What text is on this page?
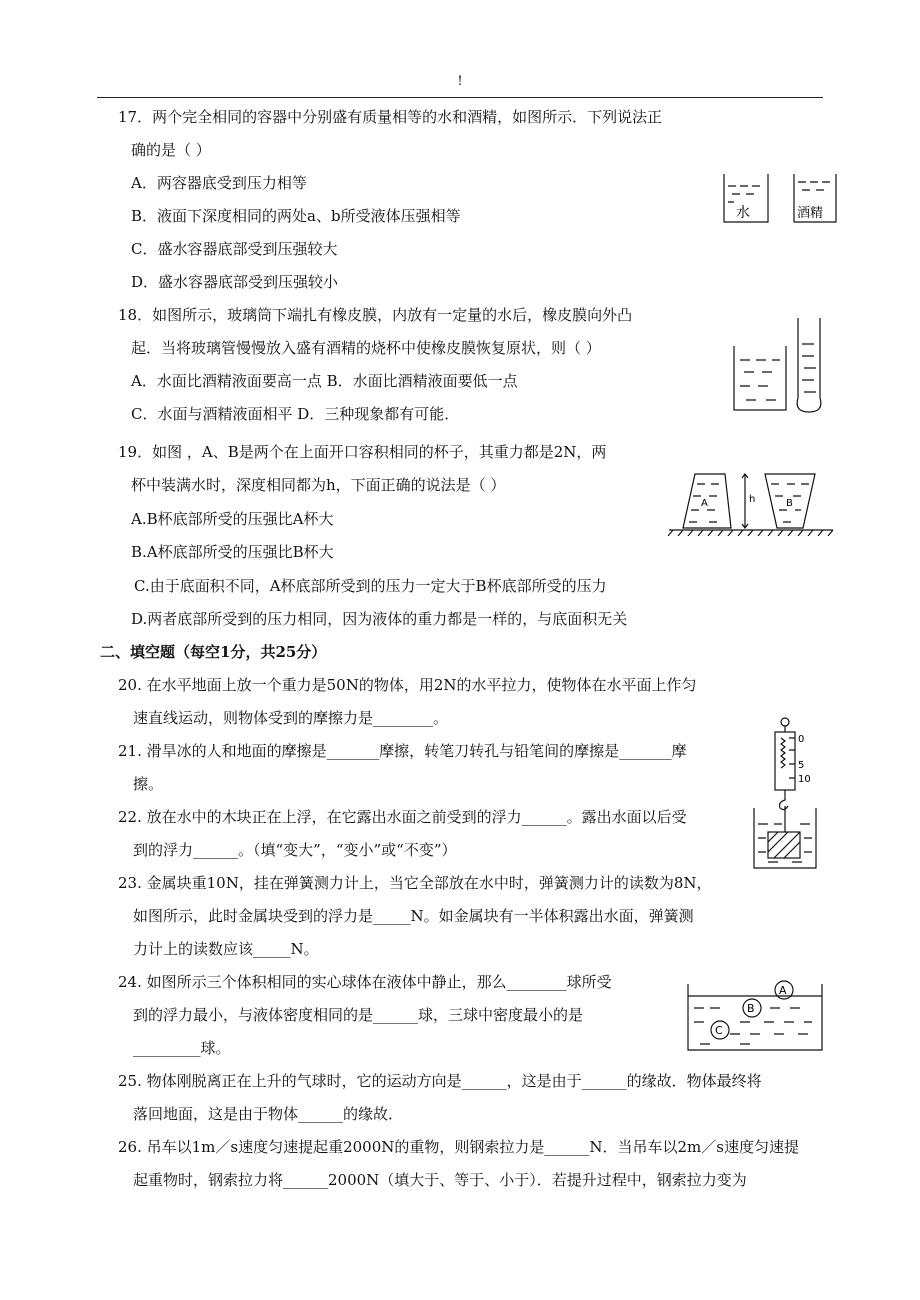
!
17．两个完全相同的容器中分别盛有质量相等的水和酒精，如图所示．下列说法正
确的是（ ）
A．两容器底受到压力相等
B．液面下深度相同的两处a、b所受液体压强相等
C．盛水容器底部受到压强较大
D．盛水容器底部受到压强较小
18．如图所示，玻璃筒下端扎有橡皮膜，内放有一定量的水后，橡皮膜向外凸
起．当将玻璃管慢慢放入盛有酒精的烧杯中使橡皮膜恢复原状，则（ ）
A．水面比酒精液面要高一点 B．水面比酒精液面要低一点
C．水面与酒精液面相平 D．三种现象都有可能．
19．如图 ，A、B是两个在上面开口容积相同的杯子，其重力都是2N，两
杯中装满水时，深度相同都为h，下面正确的说法是（ ）
A.B杯底部所受的压强比A杯大
B.A杯底部所受的压强比B杯大
C.由于底面积不同，A杯底部所受到的压力一定大于B杯底部所受的压力
D.两者底部所受到的压力相同，因为液体的重力都是一样的，与底面积无关
二、填空题（每空1分，共25分）
20. 在水平地面上放一个重力是50N的物体，用2N的水平拉力，使物体在水平面上作匀
速直线运动，则物体受到的摩擦力是________。
21. 滑旱冰的人和地面的摩擦是_______摩擦，转笔刀转孔与铅笔间的摩擦是_______摩
擦。
22. 放在水中的木块正在上浮，在它露出水面之前受到的浮力______。露出水面以后受
到的浮力______。（填“变大”，“变小”或“不变”）
23. 金属块重10N，挂在弹簧测力计上，当它全部放在水中时，弹簧测力计的读数为8N，
如图所示，此时金属块受到的浮力是_____N。如金属块有一半体积露出水面，弹簧测
力计上的读数应该_____N。
24. 如图所示三个体积相同的实心球体在液体中静止，那么________球所受
到的浮力最小，与液体密度相同的是______球，三球中密度最小的是
_________球。
25. 物体刚脱离正在上升的气球时，它的运动方向是______，这是由于______的缘故．物体最终将
落回地面，这是由于物体______的缘故．
26. 吊车以1m／s速度匀速提起重2000N的重物，则钢索拉力是______N．当吊车以2m／s速度匀速提
起重物时，钢索拉力将______2000N（填大于、等于、小于）．若提升过程中，钢索拉力变为
水	酒精
A	B
h
0
5
10
A
B
C
